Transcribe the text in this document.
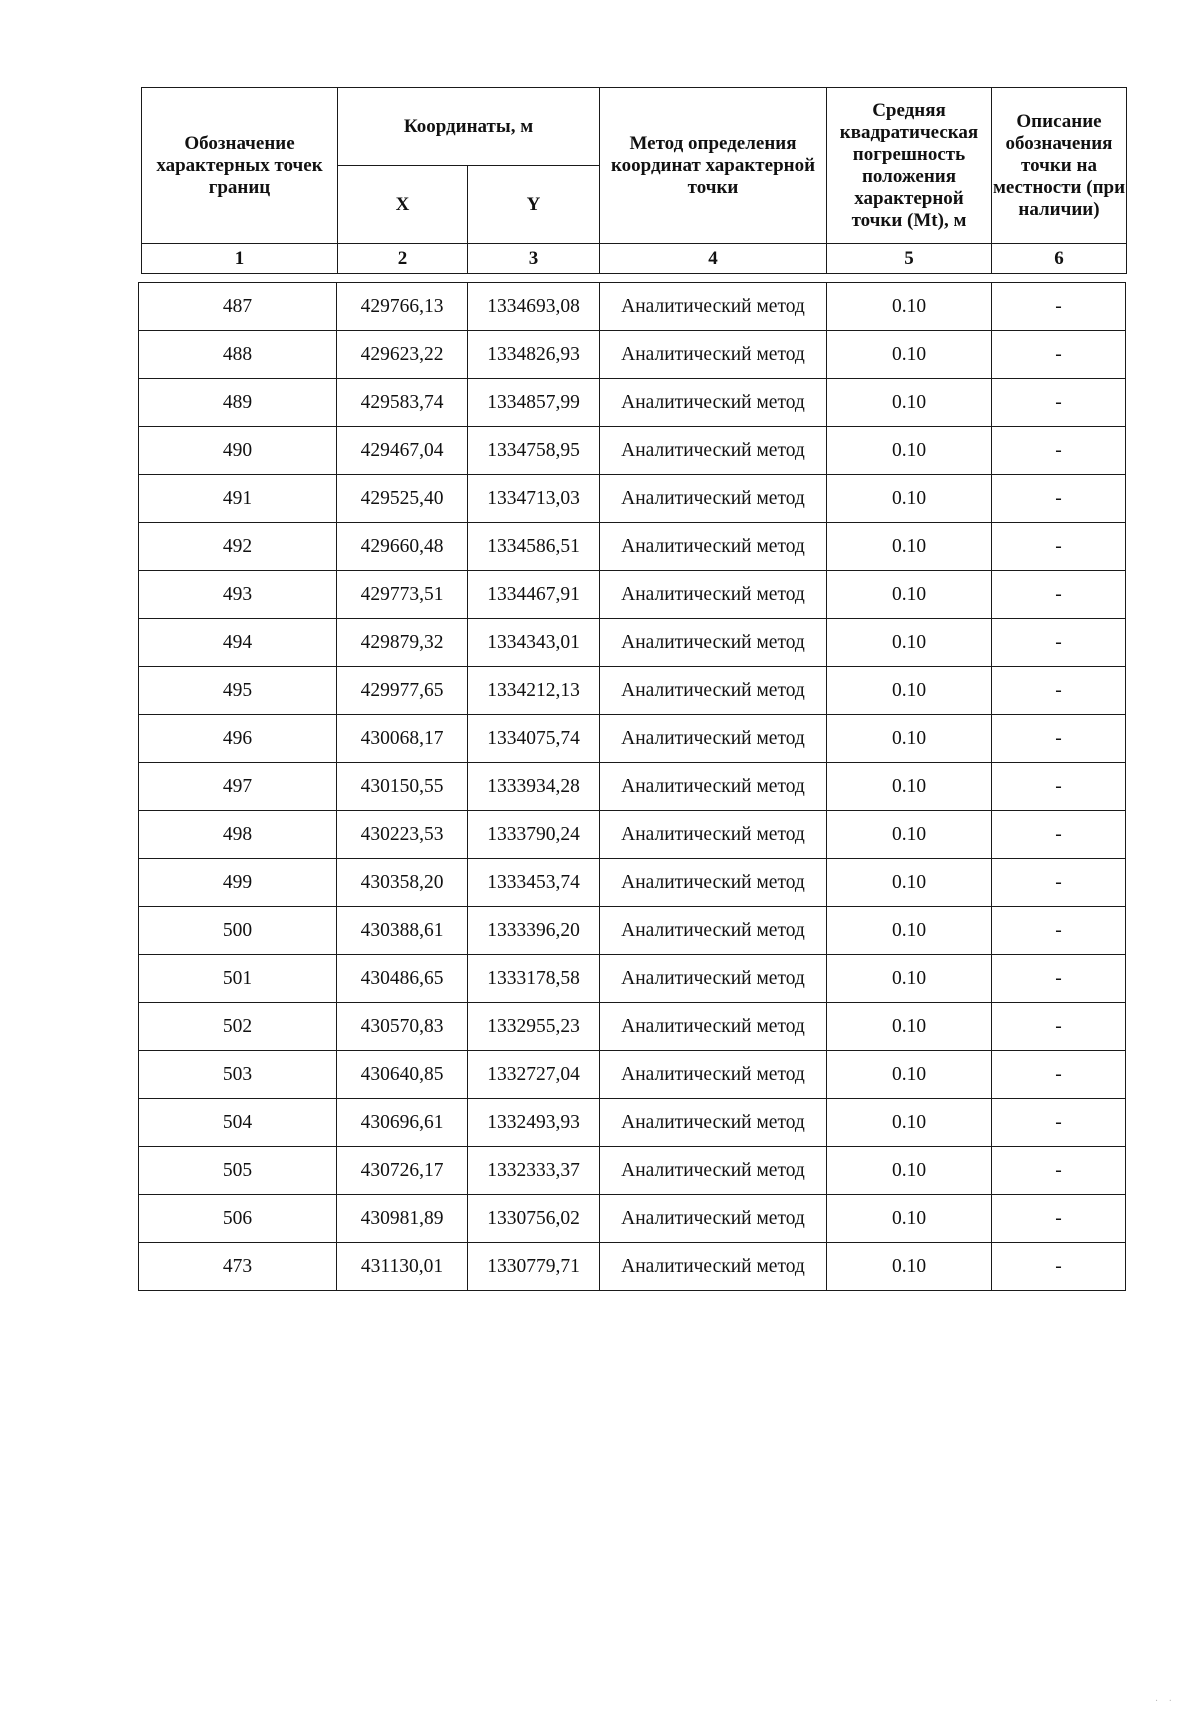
Обозначение характерных точек границ	Координаты, м		Метод определения координат характерной точки	Средняя квадратическая погрешность положения характерной точки (Mt), м	Описание обозначения точки на местности (при наличии)
	X	Y			
1	2	3	4	5	6
487	429766,13	1334693,08	Аналитический метод	0.10	-
488	429623,22	1334826,93	Аналитический метод	0.10	-
489	429583,74	1334857,99	Аналитический метод	0.10	-
490	429467,04	1334758,95	Аналитический метод	0.10	-
491	429525,40	1334713,03	Аналитический метод	0.10	-
492	429660,48	1334586,51	Аналитический метод	0.10	-
493	429773,51	1334467,91	Аналитический метод	0.10	-
494	429879,32	1334343,01	Аналитический метод	0.10	-
495	429977,65	1334212,13	Аналитический метод	0.10	-
496	430068,17	1334075,74	Аналитический метод	0.10	-
497	430150,55	1333934,28	Аналитический метод	0.10	-
498	430223,53	1333790,24	Аналитический метод	0.10	-
499	430358,20	1333453,74	Аналитический метод	0.10	-
500	430388,61	1333396,20	Аналитический метод	0.10	-
501	430486,65	1333178,58	Аналитический метод	0.10	-
502	430570,83	1332955,23	Аналитический метод	0.10	-
503	430640,85	1332727,04	Аналитический метод	0.10	-
504	430696,61	1332493,93	Аналитический метод	0.10	-
505	430726,17	1332333,37	Аналитический метод	0.10	-
506	430981,89	1330756,02	Аналитический метод	0.10	-
473	431130,01	1330779,71	Аналитический метод	0.10	-
· ·
